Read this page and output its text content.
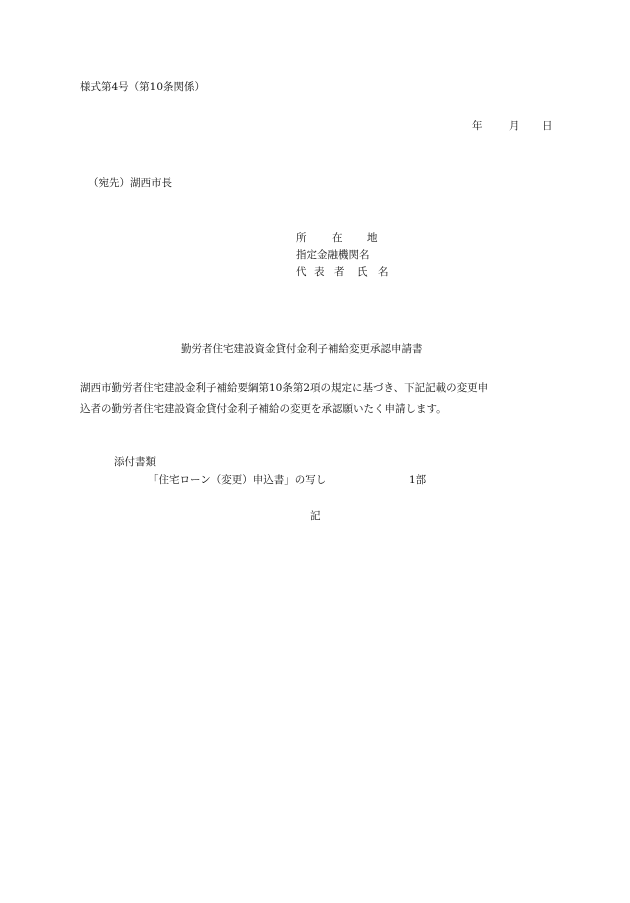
様式第4号（第10条関係）
年	月 日
（宛先）湖西市長
所 在 地
指定金融機関名
代 表 者 氏　名
勤労者住宅建設資金貸付金利子補給変更承認申請書
湖西市勤労者住宅建設金利子補給要綱第10条第2項の規定に基づき、下記記載の変更申
込者の勤労者住宅建設資金貸付金利子補給の変更を承認願いたく申請します。
添付書類
「住宅ローン（変更）申込書」の写し	1部
記
